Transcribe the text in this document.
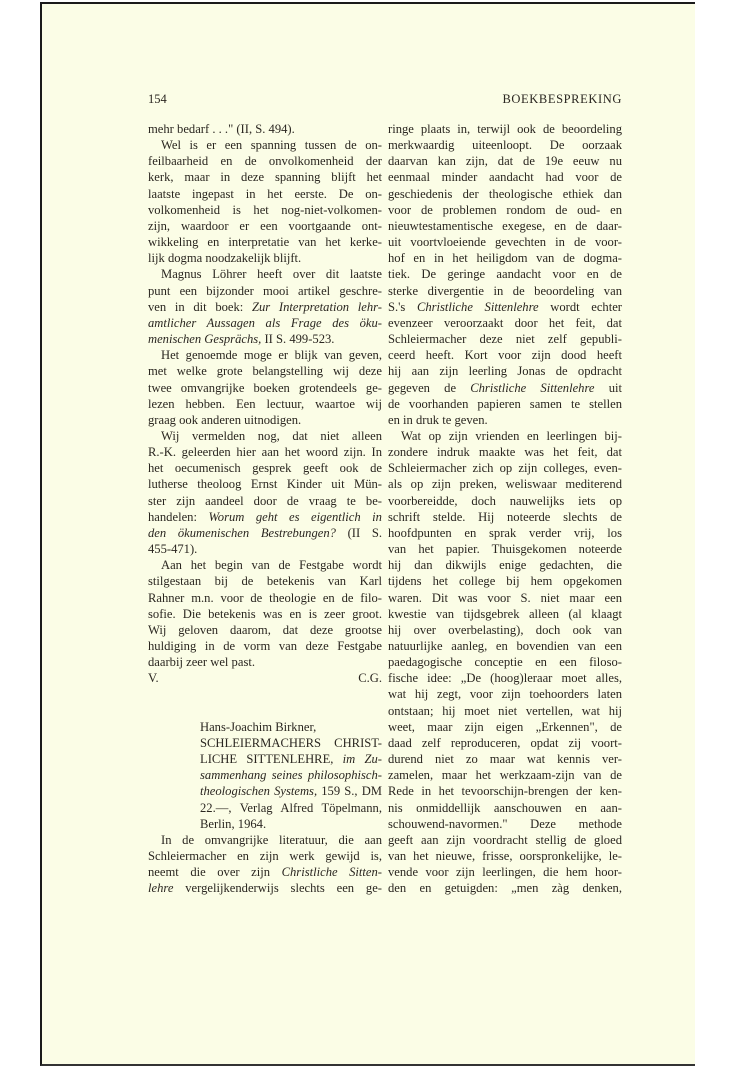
154	BOEKBESPREKING
mehr bedarf . . ." (II, S. 494).
Wel is er een spanning tussen de on-
feilbaarheid en de onvolkomenheid der
kerk, maar in deze spanning blijft het
laatste ingepast in het eerste. De on-
volkomenheid is het nog-niet-volkomen-
zijn, waardoor er een voortgaande ont-
wikkeling en interpretatie van het kerke-
lijk dogma noodzakelijk blijft.
Magnus Löhrer heeft over dit laatste
punt een bijzonder mooi artikel geschre-
ven in dit boek: Zur Interpretation lehr-
amtlicher Aussagen als Frage des öku-
menischen Gesprächs, II S. 499-523.
Het genoemde moge er blijk van geven,
met welke grote belangstelling wij deze
twee omvangrijke boeken grotendeels ge-
lezen hebben. Een lectuur, waartoe wij
graag ook anderen uitnodigen.
Wij vermelden nog, dat niet alleen
R.-K. geleerden hier aan het woord zijn. In
het oecumenisch gesprek geeft ook de
lutherse theoloog Ernst Kinder uit Mün-
ster zijn aandeel door de vraag te be-
handelen: Worum geht es eigentlich in
den ökumenischen Bestrebungen? (II S.
455-471).
Aan het begin van de Festgabe wordt
stilgestaan bij de betekenis van Karl
Rahner m.n. voor de theologie en de filo-
sofie. Die betekenis was en is zeer groot.
Wij geloven daarom, dat deze grootse
huldiging in de vorm van deze Festgabe
daarbij zeer wel past.
V.	C.G.
Hans-Joachim Birkner,
SCHLEIERMACHERS CHRIST-
LICHE SITTENLEHRE, im Zu-
sammenhang seines philosophisch-
theologischen Systems, 159 S., DM
22.—, Verlag Alfred Töpelmann,
Berlin, 1964.
In de omvangrijke literatuur, die aan
Schleiermacher en zijn werk gewijd is,
neemt die over zijn Christliche Sitten-
lehre vergelijkenderwijs slechts een ge-
ringe plaats in, terwijl ook de beoordeling
merkwaardig uiteenloopt. De oorzaak
daarvan kan zijn, dat de 19e eeuw nu
eenmaal minder aandacht had voor de
geschiedenis der theologische ethiek dan
voor de problemen rondom de oud- en
nieuwtestamentische exegese, en de daar-
uit voortvloeiende gevechten in de voor-
hof en in het heiligdom van de dogma-
tiek. De geringe aandacht voor en de
sterke divergentie in de beoordeling van
S.'s Christliche Sittenlehre wordt echter
evenzeer veroorzaakt door het feit, dat
Schleiermacher deze niet zelf gepubli-
ceerd heeft. Kort voor zijn dood heeft
hij aan zijn leerling Jonas de opdracht
gegeven de Christliche Sittenlehre uit
de voorhanden papieren samen te stellen
en in druk te geven.
Wat op zijn vrienden en leerlingen bij-
zondere indruk maakte was het feit, dat
Schleiermacher zich op zijn colleges, even-
als op zijn preken, weliswaar mediterend
voorbereidde, doch nauwelijks iets op
schrift stelde. Hij noteerde slechts de
hoofdpunten en sprak verder vrij, los
van het papier. Thuisgekomen noteerde
hij dan dikwijls enige gedachten, die
tijdens het college bij hem opgekomen
waren. Dit was voor S. niet maar een
kwestie van tijdsgebrek alleen (al klaagt
hij over overbelasting), doch ook van
natuurlijke aanleg, en bovendien van een
paedagogische conceptie en een filoso-
fische idee: „De (hoog)leraar moet alles,
wat hij zegt, voor zijn toehoorders laten
ontstaan; hij moet niet vertellen, wat hij
weet, maar zijn eigen „Erkennen", de
daad zelf reproduceren, opdat zij voort-
durend niet zo maar wat kennis ver-
zamelen, maar het werkzaam-zijn van de
Rede in het tevoorschijn-brengen der ken-
nis onmiddellijk aanschouwen en aan-
schouwend-navormen." Deze methode
geeft aan zijn voordracht stellig de gloed
van het nieuwe, frisse, oorspronkelijke, le-
vende voor zijn leerlingen, die hem hoor-
den en getuigden: „men zàg denken,
